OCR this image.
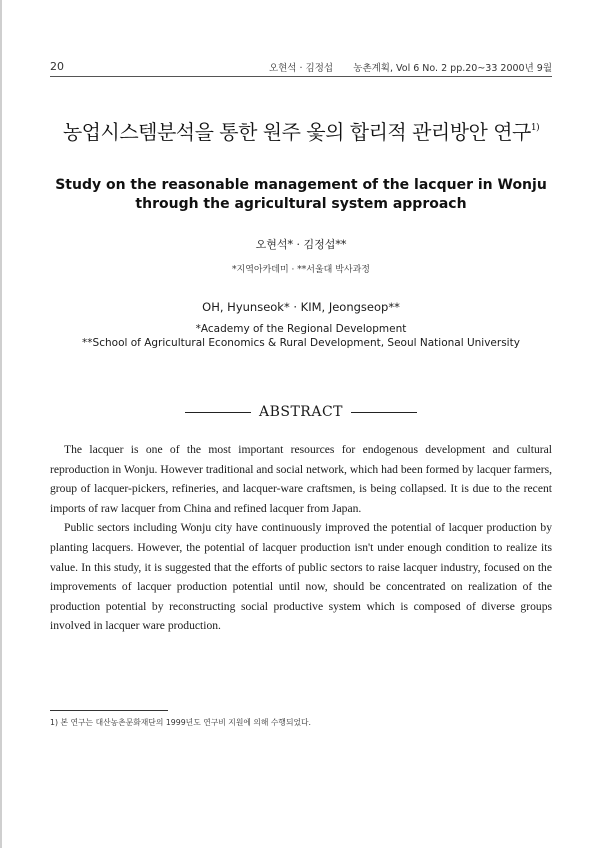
20	오현석 · 김정섭	농촌계획, Vol 6 No. 2 pp.20~33 2000년 9월
농업시스템분석을 통한 원주 옻의 합리적 관리방안 연구$^{1)}$
Study on the reasonable management of the lacquer in Wonju
through the agricultural system approach
오현석* · 김정섭**
*지역아카데미 · **서울대 박사과정
OH, Hyunseok* · KIM, Jeongseop**
*Academy of the Regional Development
**School of Agricultural Economics & Rural Development, Seoul National University
ABSTRACT

The lacquer is one of the most important resources for endogenous development and cultural reproduction in Wonju. However traditional and social network, which had been formed by lacquer farmers, group of lacquer-pickers, refineries, and lacquer-ware craftsmen, is being collapsed. It is due to the recent imports of raw lacquer from China and refined lacquer from Japan.

Public sectors including Wonju city have continuously improved the potential of lacquer production by planting lacquers. However, the potential of lacquer production isn't under enough condition to realize its value. In this study, it is suggested that the efforts of public sectors to raise lacquer industry, focused on the improvements of lacquer production potential until now, should be concentrated on realization of the production potential by reconstructing social productive system which is composed of diverse groups involved in lacquer ware production.

1) 본 연구는 대산농촌문화재단의 1999년도 연구비 지원에 의해 수행되었다.
